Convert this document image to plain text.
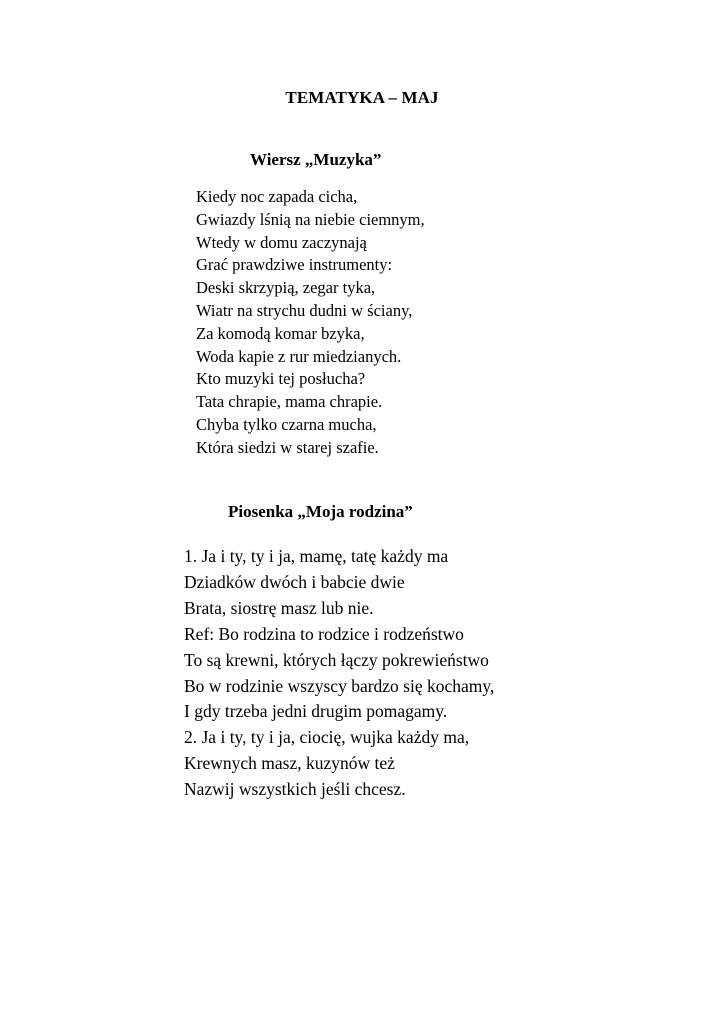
TEMATYKA – MAJ
Wiersz „Muzyka”
Kiedy noc zapada cicha,
Gwiazdy lśnią na niebie ciemnym,
Wtedy w domu zaczynają
Grać prawdziwe instrumenty:
Deski skrzypią, zegar tyka,
Wiatr na strychu dudni w ściany,
Za komodą komar bzyka,
Woda kapie z rur miedzianych.
Kto muzyki tej posłucha?
Tata chrapie, mama chrapie.
Chyba tylko czarna mucha,
Która siedzi w starej szafie.
Piosenka „Moja rodzina”
1. Ja i ty, ty i ja, mamę, tatę każdy ma
Dziadków dwóch i babcie dwie
Brata, siostrę masz lub nie.
Ref: Bo rodzina to rodzice i rodzeństwo
To są krewni, których łączy pokrewieństwo
Bo w rodzinie wszyscy bardzo się kochamy,
I gdy trzeba jedni drugim pomagamy.
2. Ja i ty, ty i ja, ciocię, wujka każdy ma,
Krewnych masz, kuzynów też
Nazwij wszystkich jeśli chcesz.
